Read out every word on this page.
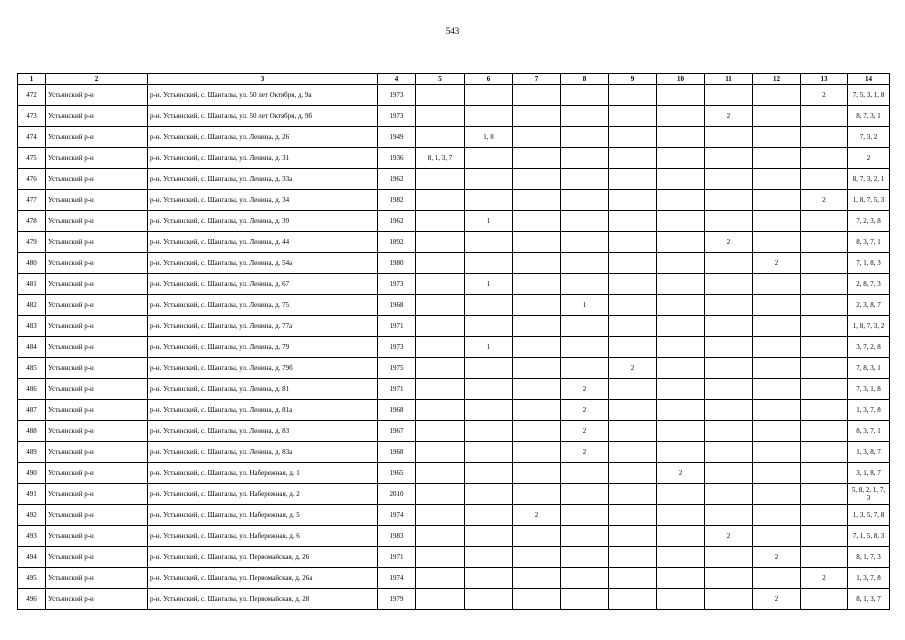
543
1	2	3	4	5	6	7	8	9	10	11	12	13	14
472	Устьянский р-н	р-н. Устьянский, с. Шангалы, ул. 50 лет Октября, д. 9а	1973									2	7, 5, 3, 1, 8
473	Устьянский р-н	р-н. Устьянский, с. Шангалы, ул. 50 лет Октября, д. 9б	1973							2			8, 7, 3, 1
474	Устьянский р-н	р-н. Устьянский, с. Шангалы, ул. Ленина, д. 26	1949		1, 8								7, 3, 2
475	Устьянский р-н	р-н. Устьянский, с. Шангалы, ул. Ленина, д. 31	1936	8, 1, 3, 7									2
476	Устьянский р-н	р-н. Устьянский, с. Шангалы, ул. Ленина, д. 33а	1962										8, 7, 3, 2, 1
477	Устьянский р-н	р-н. Устьянский, с. Шангалы, ул. Ленина, д. 34	1982									2	1, 8, 7, 5, 3
478	Устьянский р-н	р-н. Устьянский, с. Шангалы, ул. Ленина, д. 39	1962		1								7, 2, 3, 8
479	Устьянский р-н	р-н. Устьянский, с. Шангалы, ул. Ленина, д. 44	1892							2			8, 3, 7, 1
480	Устьянский р-н	р-н. Устьянский, с. Шангалы, ул. Ленина, д. 54а	1980								2		7, 1, 8, 3
481	Устьянский р-н	р-н. Устьянский, с. Шангалы, ул. Ленина, д. 67	1973		1								2, 8, 7, 3
482	Устьянский р-н	р-н. Устьянский, с. Шангалы, ул. Ленина, д. 75	1968				1						2, 3, 8, 7
483	Устьянский р-н	р-н. Устьянский, с. Шангалы, ул. Ленина, д. 77а	1971										1, 8, 7, 3, 2
484	Устьянский р-н	р-н. Устьянский, с. Шангалы, ул. Ленина, д. 79	1973		1								3, 7, 2, 8
485	Устьянский р-н	р-н. Устьянский, с. Шангалы, ул. Ленина, д. 79б	1975					2					7, 8, 3, 1
486	Устьянский р-н	р-н. Устьянский, с. Шангалы, ул. Ленина, д. 81	1971				2						7, 3, 1, 8
487	Устьянский р-н	р-н. Устьянский, с. Шангалы, ул. Ленина, д. 81а	1968				2						1, 3, 7, 8
488	Устьянский р-н	р-н. Устьянский, с. Шангалы, ул. Ленина, д. 83	1967				2						8, 3, 7, 1
489	Устьянский р-н	р-н. Устьянский, с. Шангалы, ул. Ленина, д. 83а	1968				2						1, 3, 8, 7
490	Устьянский р-н	р-н. Устьянский, с. Шангалы, ул. Набережная, д. 1	1965						2				3, 1, 8, 7
491	Устьянский р-н	р-н. Устьянский, с. Шангалы, ул. Набережная, д. 2	2010										5, 8, 2, 1, 7, 3
492	Устьянский р-н	р-н. Устьянский, с. Шангалы, ул. Набережная, д. 5	1974			2							1, 3, 5, 7, 8
493	Устьянский р-н	р-н. Устьянский, с. Шангалы, ул. Набережная, д. 6	1983							2			7, 1, 5, 8, 3
494	Устьянский р-н	р-н. Устьянский, с. Шангалы, ул. Первомайская, д. 26	1971								2		8, 1, 7, 3
495	Устьянский р-н	р-н. Устьянский, с. Шангалы, ул. Первомайская, д. 26а	1974									2	1, 3, 7, 8
496	Устьянский р-н	р-н. Устьянский, с. Шангалы, ул. Первомайская, д. 28	1979								2		8, 1, 3, 7
